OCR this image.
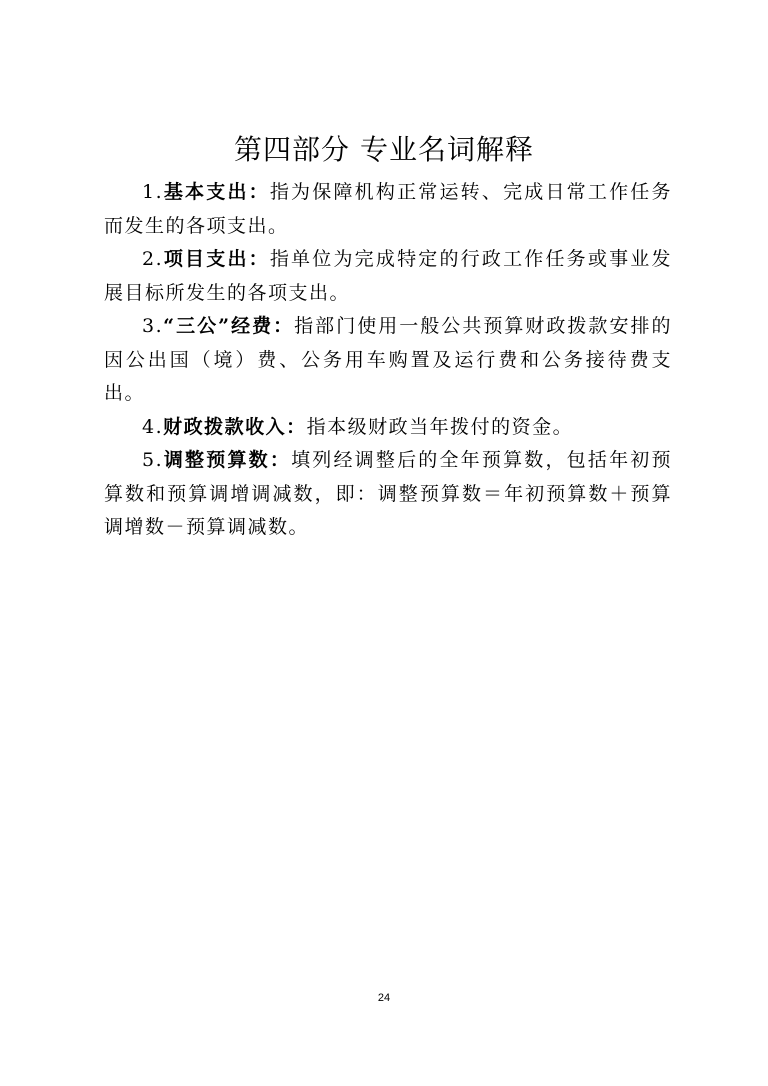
第四部分 专业名词解释

1.基本支出：指为保障机构正常运转、完成日常工作任务而发生的各项支出。

2.项目支出：指单位为完成特定的行政工作任务或事业发展目标所发生的各项支出。

3.“三公”经费：指部门使用一般公共预算财政拨款安排的因公出国（境）费、公务用车购置及运行费和公务接待费支出。

4.财政拨款收入：指本级财政当年拨付的资金。

5.调整预算数：填列经调整后的全年预算数，包括年初预算数和预算调增调减数，即：调整预算数＝年初预算数＋预算调增数－预算调减数。

24
